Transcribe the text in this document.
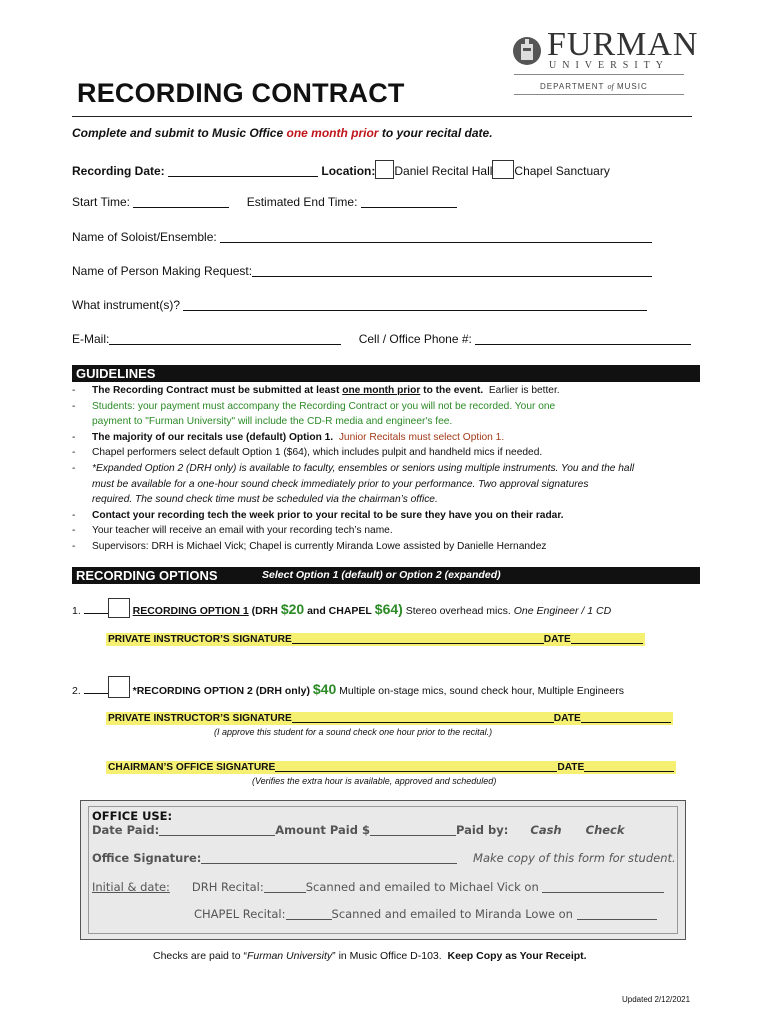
FURMAN
UNIVERSITY
DEPARTMENT of MUSIC
RECORDING CONTRACT
Complete and submit to Music Office one month prior to your recital date.
Recording Date:	Location: Daniel Recital Hall Chapel Sanctuary
Start Time:	Estimated End Time:
Name of Soloist/Ensemble:
Name of Person Making Request:
What instrument(s)?
E-Mail:	Cell / Office Phone #:
GUIDELINES
- The Recording Contract must be submitted at least one month prior to the event. Earlier is better.
- Students: your payment must accompany the Recording Contract or you will not be recorded. Your one
payment to "Furman University" will include the CD-R media and engineer's fee.
- The majority of our recitals use (default) Option 1. Junior Recitals must select Option 1.
- Chapel performers select default Option 1 ($64), which includes pulpit and handheld mics if needed.
- *Expanded Option 2 (DRH only) is available to faculty, ensembles or seniors using multiple instruments. You and the hall
must be available for a one-hour sound check immediately prior to your performance. Two approval signatures
required. The sound check time must be scheduled via the chairman’s office.
- Contact your recording tech the week prior to your recital to be sure they have you on their radar.
- Your teacher will receive an email with your recording tech’s name.
- Supervisors: DRH is Michael Vick; Chapel is currently Miranda Lowe assisted by Danielle Hernandez
RECORDING OPTIONS	Select Option 1 (default) or Option 2 (expanded)
1.	RECORDING OPTION 1 (DRH $20 and CHAPEL $64) Stereo overhead mics. One Engineer / 1 CD
PRIVATE INSTRUCTOR’S SIGNATURE	DATE
2.	*RECORDING OPTION 2 (DRH only) $40 Multiple on-stage mics, sound check hour, Multiple Engineers
PRIVATE INSTRUCTOR’S SIGNATURE	DATE
(I approve this student for a sound check one hour prior to the recital.)
CHAIRMAN’S OFFICE SIGNATURE	DATE
(Verifies the extra hour is available, approved and scheduled)
OFFICE USE:
Date Paid:	Amount Paid $	Paid by: Cash Check
Office Signature:	Make copy of this form for student.
Initial & date: DRH Recital:	Scanned and emailed to Michael Vick on
CHAPEL Recital:	Scanned and emailed to Miranda Lowe on
Checks are paid to “Furman University” in Music Office D-103. Keep Copy as Your Receipt.
Updated 2/12/2021
